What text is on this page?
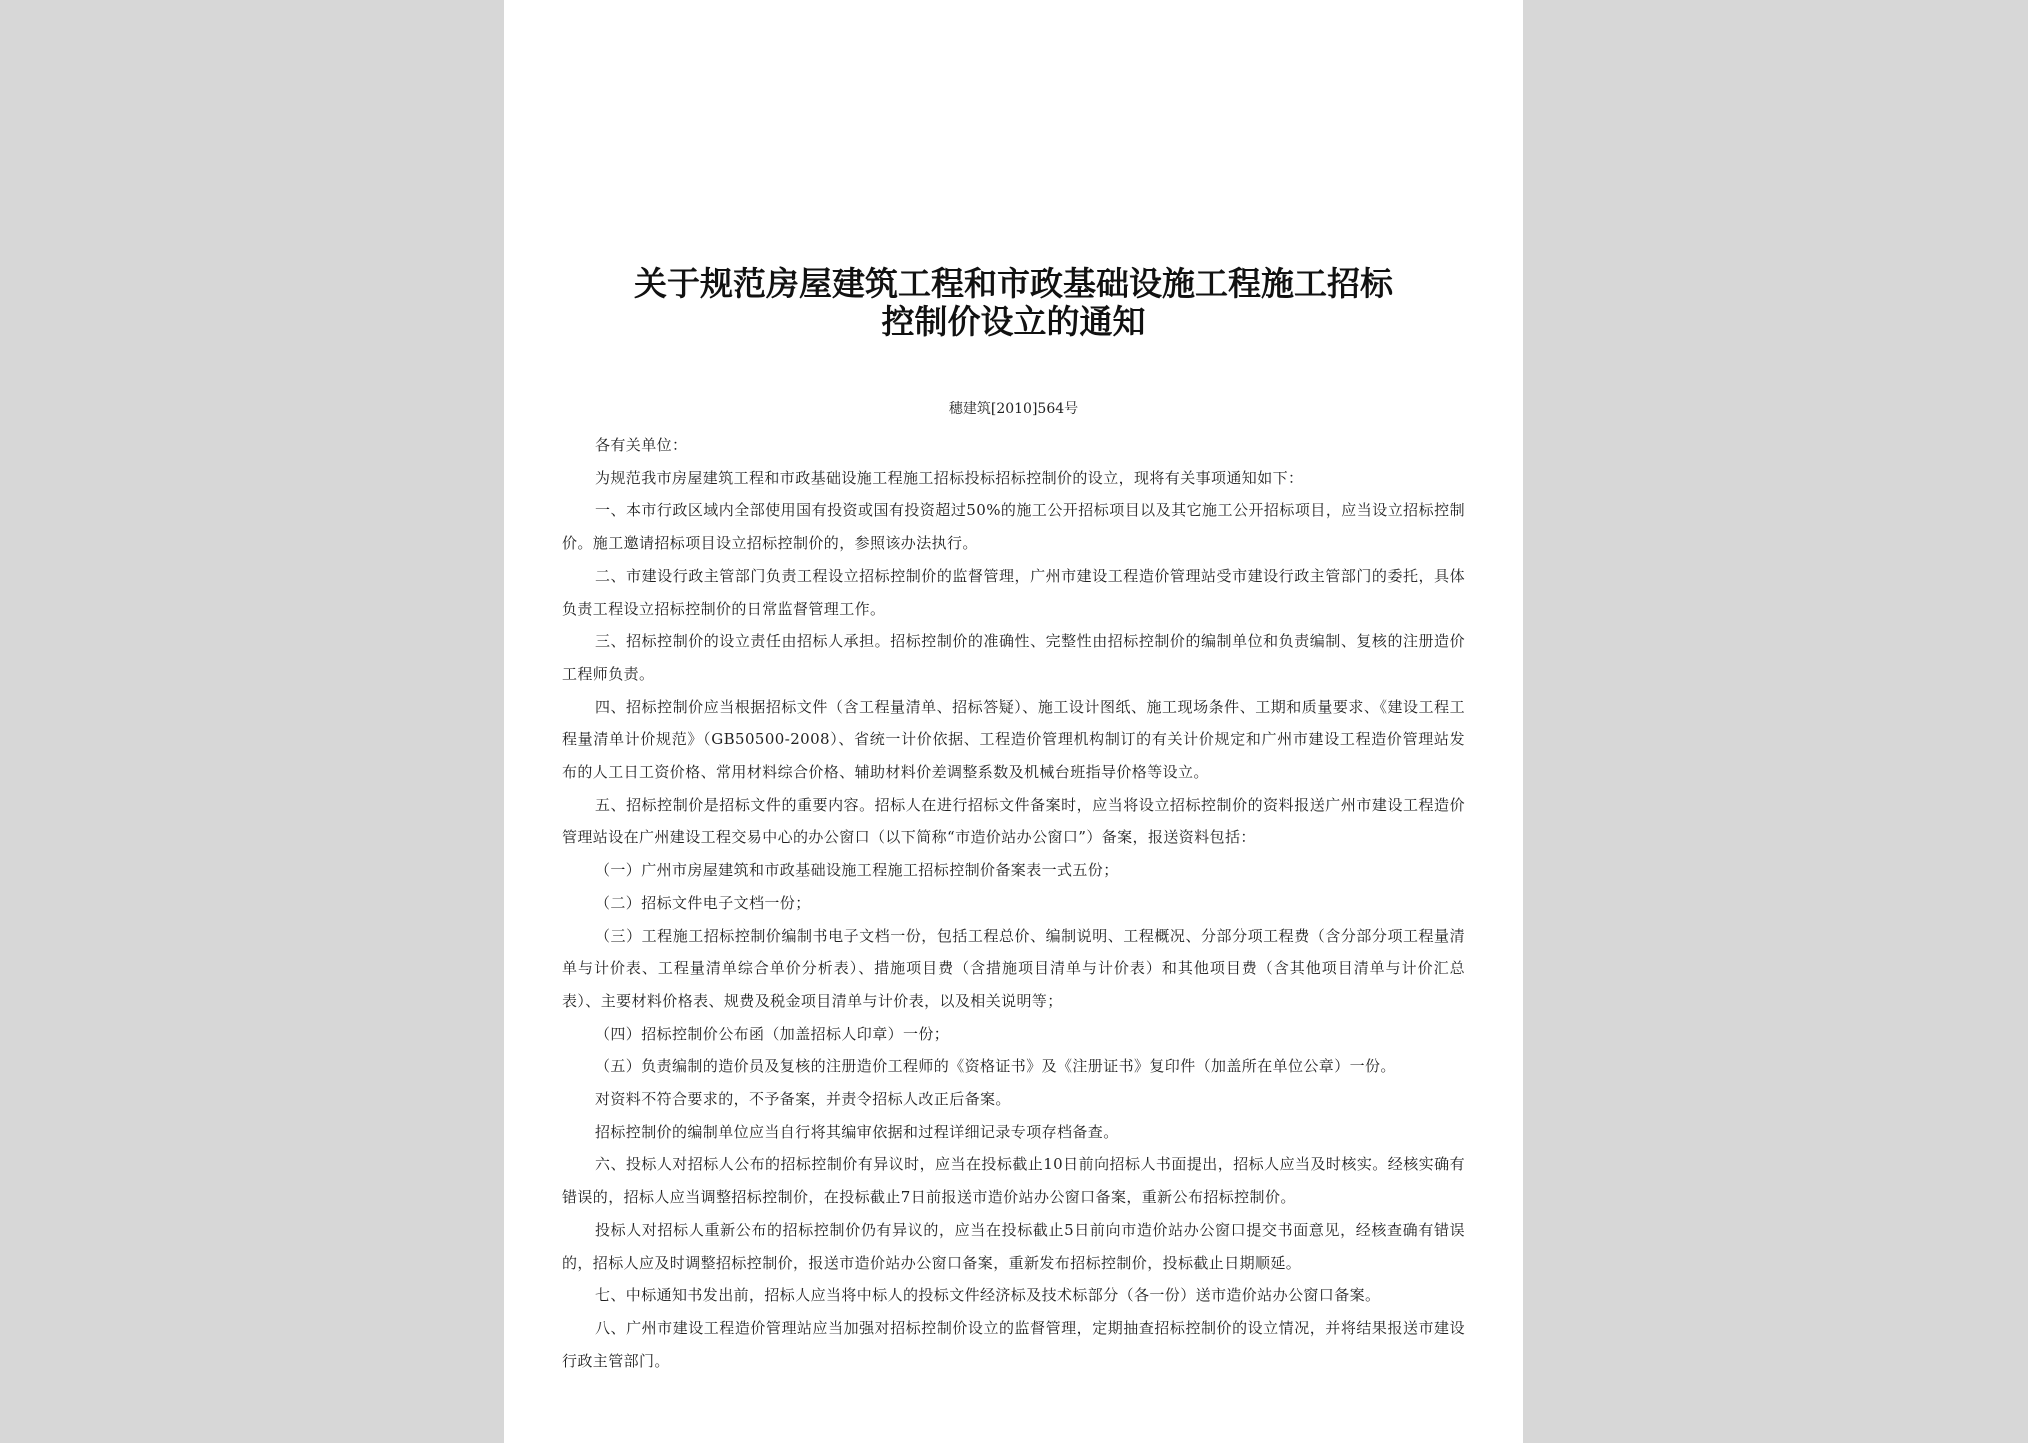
关于规范房屋建筑工程和市政基础设施工程施工招标
控制价设立的通知
穗建筑[2010]564号

各有关单位：

为规范我市房屋建筑工程和市政基础设施工程施工招标投标招标控制价的设立，现将有关事项通知如下：

一、本市行政区域内全部使用国有投资或国有投资超过50%的施工公开招标项目以及其它施工公开招标项目，应当设立招标控制价。施工邀请招标项目设立招标控制价的，参照该办法执行。

二、市建设行政主管部门负责工程设立招标控制价的监督管理，广州市建设工程造价管理站受市建设行政主管部门的委托，具体负责工程设立招标控制价的日常监督管理工作。

三、招标控制价的设立责任由招标人承担。招标控制价的准确性、完整性由招标控制价的编制单位和负责编制、复核的注册造价工程师负责。

四、招标控制价应当根据招标文件（含工程量清单、招标答疑）、施工设计图纸、施工现场条件、工期和质量要求、《建设工程工程量清单计价规范》（GB50500-2008）、省统一计价依据、工程造价管理机构制订的有关计价规定和广州市建设工程造价管理站发布的人工日工资价格、常用材料综合价格、辅助材料价差调整系数及机械台班指导价格等设立。

五、招标控制价是招标文件的重要内容。招标人在进行招标文件备案时，应当将设立招标控制价的资料报送广州市建设工程造价管理站设在广州建设工程交易中心的办公窗口（以下简称“市造价站办公窗口”）备案，报送资料包括：

（一）广州市房屋建筑和市政基础设施工程施工招标控制价备案表一式五份；

（二）招标文件电子文档一份；

（三）工程施工招标控制价编制书电子文档一份，包括工程总价、编制说明、工程概况、分部分项工程费（含分部分项工程量清单与计价表、工程量清单综合单价分析表）、措施项目费（含措施项目清单与计价表）和其他项目费（含其他项目清单与计价汇总表）、主要材料价格表、规费及税金项目清单与计价表，以及相关说明等；

（四）招标控制价公布函（加盖招标人印章）一份；

（五）负责编制的造价员及复核的注册造价工程师的《资格证书》及《注册证书》复印件（加盖所在单位公章）一份。

对资料不符合要求的，不予备案，并责令招标人改正后备案。

招标控制价的编制单位应当自行将其编审依据和过程详细记录专项存档备查。

六、投标人对招标人公布的招标控制价有异议时，应当在投标截止10日前向招标人书面提出，招标人应当及时核实。经核实确有错误的，招标人应当调整招标控制价，在投标截止7日前报送市造价站办公窗口备案，重新公布招标控制价。

投标人对招标人重新公布的招标控制价仍有异议的，应当在投标截止5日前向市造价站办公窗口提交书面意见，经核查确有错误的，招标人应及时调整招标控制价，报送市造价站办公窗口备案，重新发布招标控制价，投标截止日期顺延。

七、中标通知书发出前，招标人应当将中标人的投标文件经济标及技术标部分（各一份）送市造价站办公窗口备案。

八、广州市建设工程造价管理站应当加强对招标控制价设立的监督管理，定期抽查招标控制价的设立情况，并将结果报送市建设行政主管部门。
